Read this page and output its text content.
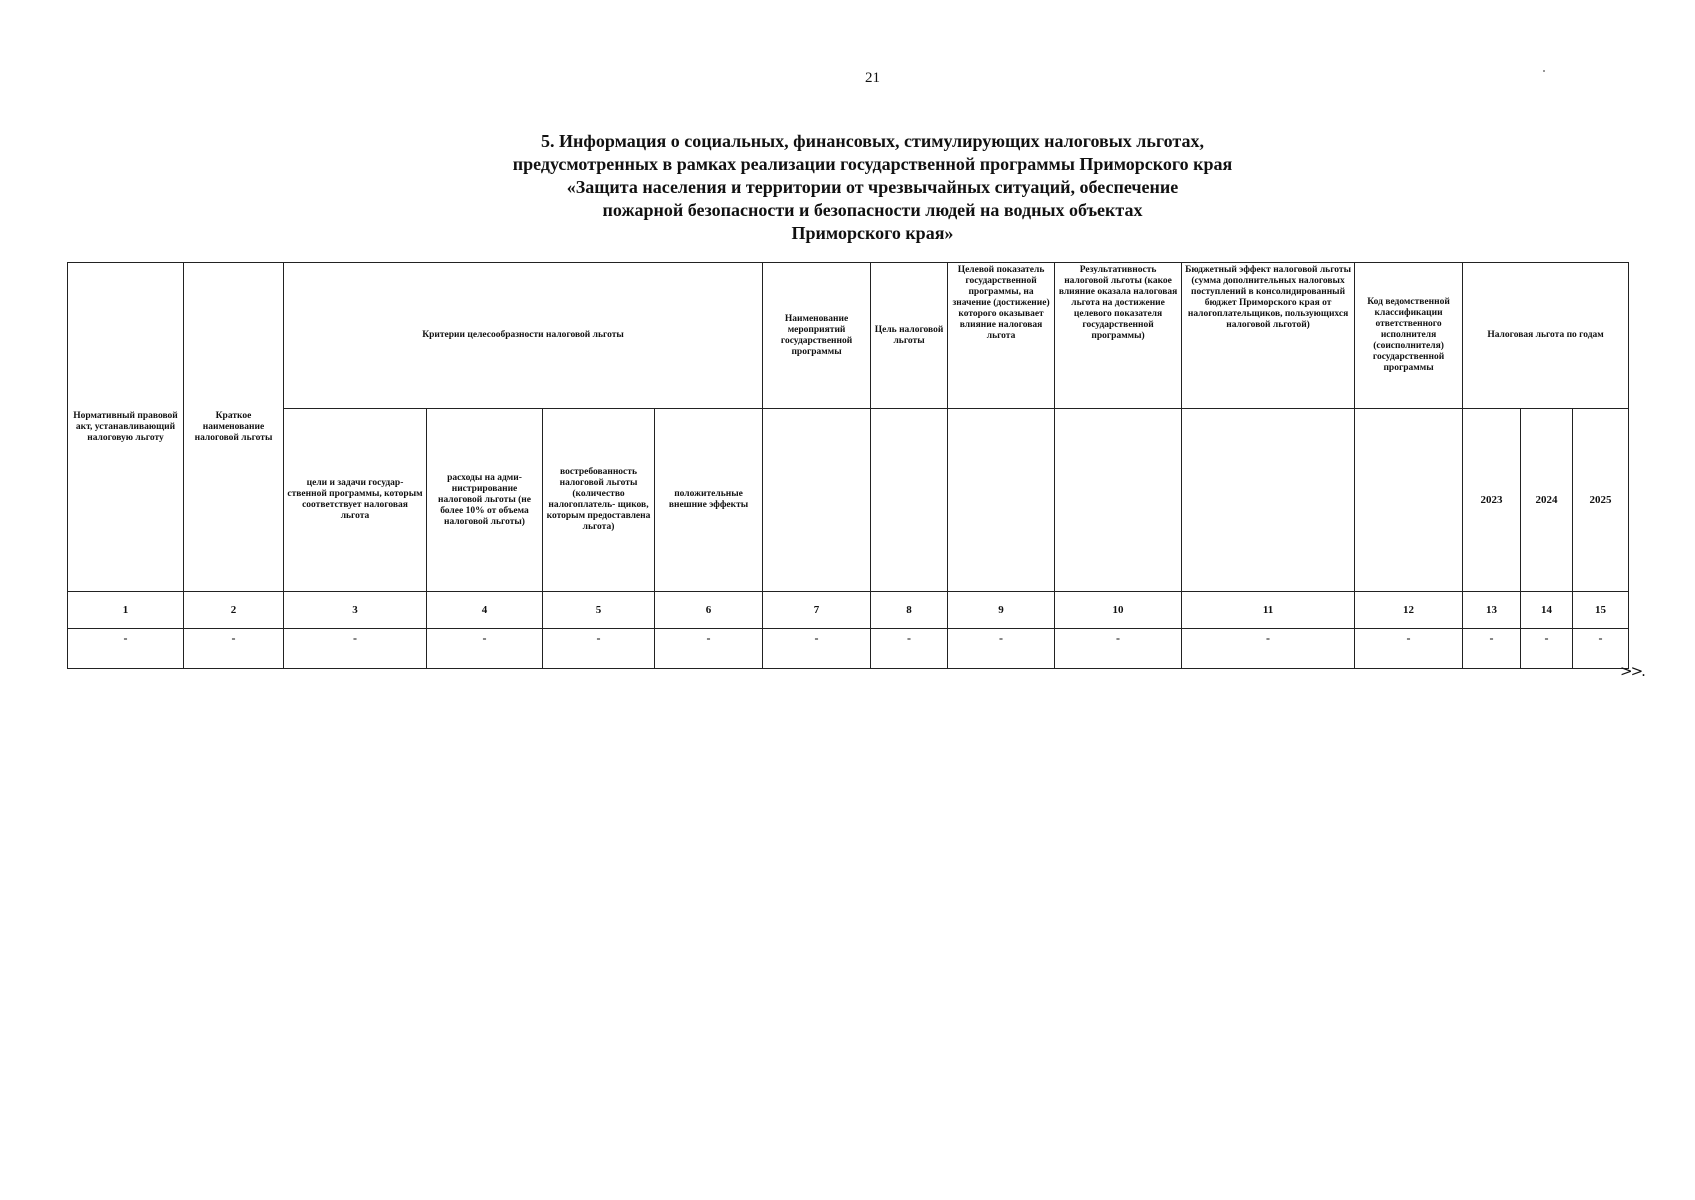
21
5. Информация о социальных, финансовых, стимулирующих налоговых льготах,
предусмотренных в рамках реализации государственной программы Приморского края
«Защита населения и территории от чрезвычайных ситуаций, обеспечение
пожарной безопасности и безопасности людей на водных объектах
Приморского края»
Нормативный правовой акт, устанавливающий налоговую льготу	Краткое наименование налоговой льготы	Критерии целесообразности налоговой льготы				Наименование мероприятий государственной программы	Цель налоговой льготы	Целевой показатель государственной программы, на значение (достижение) которого оказывает влияние налоговая льгота	Результативность налоговой льготы (какое влияние оказала налоговая льгота на достижение целевого показателя государственной программы)	Бюджетный эффект налоговой льготы (сумма дополнительных налоговых поступлений в консолидированный бюджет Приморского края от налогоплательщиков, пользующихся налоговой льготой)	Код ведомственной классификации ответственного исполнителя (соисполнителя) государственной программы	Налоговая льгота по годам		
		цели и задачи государ- ственной программы, которым соответствует налоговая льгота	расходы на адми- нистрирование налоговой льготы (не более 10% от объема налоговой льготы)	востребованность налоговой льготы (количество налогоплатель- щиков, которым предоставлена льгота)	положительные внешние эффекты							2023	2024	2025
1	2	3	4	5	6	7	8	9	10	11	12	13	14	15
-	-	-	-	-	-	-	-	-	-	-	-	-	-	-
>>.
